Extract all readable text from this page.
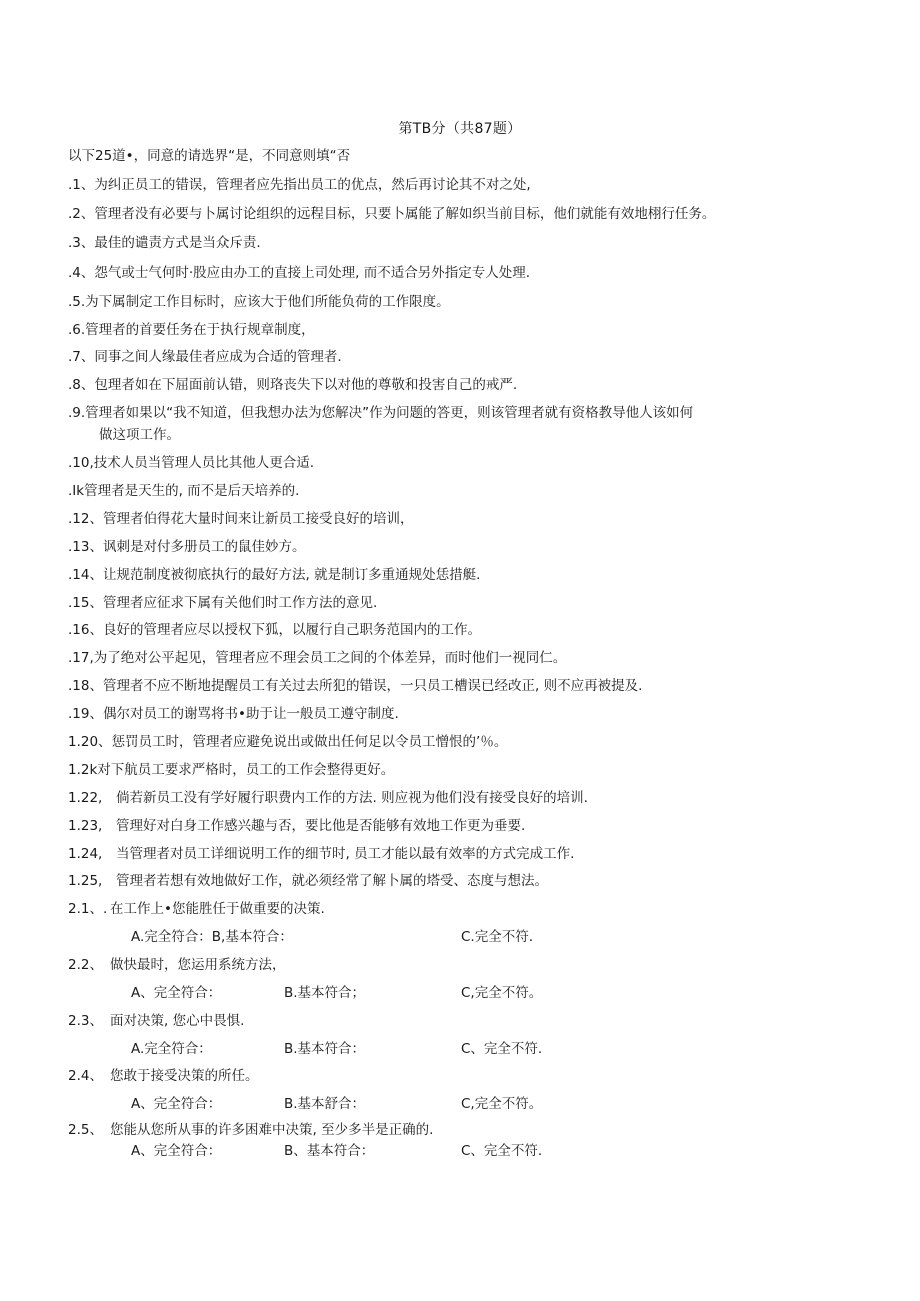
第TB分（共87题）
以下25道•，同意的请选界“是，不同意则填“否
.1、为纠正员工的错误，管理者应先指出员工的优点，然后再讨论其不对之处,
.2、管理者没有必要与卜属讨论组织的远程目标，只要卜属能了解如织当前目标，他们就能有效地栩行任务。
.3、最佳的谴责方式是当众斥责.
.4、怨气或士气何时·股应由办工的直接上司处理, 而不适合另外指定专人处理.
.5.为下属制定工作目标时，应该大于他们所能负荷的工作限度。
.6.管理者的首要任务在于执行规章制度，
.7、同事之间人缘最佳者应成为合适的管理者.
.8、包理者如在下屈面前认错，则珞丧失下以对他的尊敬和投害自己的戒严.
.9.管理者如果以“我不知道，但我想办法为您解决”作为问题的答更，则该管理者就有资格教导他人该如何
做这项工作。
.10,技术人员当管理人员比其他人更合适.
.Ik管理者是天生的, 而不是后天培养的.
.12、管理者伯得花大量时间来让新员工接受良好的培训，
.13、讽刺是对付多册员工的鼠佳妙方。
.14、让规范制度被彻底执行的最好方法, 就是制订多重通规处恁措艇.
.15、管理者应征求下属有关他们时工作方法的意见.
.16、良好的管理者应尽以授权下狐，以履行自己职务范国内的工作。
.17,为了绝对公平起见，管理者应不理会员工之间的个体差异，而时他们一视同仁。
.18、管理者不应不断地提醒员工有关过去所犯的错误，一只员工槽误已经改正, 则不应再被提及.
.19、偶尔对员工的谢骂将书•助于让一般员工遵守制度.
1.20、惩罚员工时，管理者应避免说出或做出任何足以令员工憎恨的’％。
1.2k对下航员工要求严格时，员工的工作会整得更好。
1.22, 倘若新员工没有学好履行职费内工作的方法. 则应视为他们没有接受良好的培训.
1.23, 管理好对白身工作感兴趣与否，要比他是否能够有效地工作更为垂要.
1.24, 当管理者对员工详细说明工作的细节时, 员工才能以最有效率的方式完成工作.
1.25, 管理者若想有效地做好工作，就必须经常了解卜属的塔受、态度与想法。
2.1、. 在工作上•您能胜任于做重要的决策.
A.完全符合：B,基本符合：	C.完全不符.
2.2、 做快最时，您运用系统方法，
A、完全符合：	B.基本符合；	C,完全不符。
2.3、 面对决策, 您心中畏惧.
A.完全符合：	B.基本符合：	C、完全不符.
2.4、 您敢于接受决策的所任。
A、完全符合：	B.基本舒合：	C,完全不符。
2.5、 您能从您所从事的许多困难中决策, 至少多半是正确的.
A、完全符合：	B、基本符合：	C、完全不符.
